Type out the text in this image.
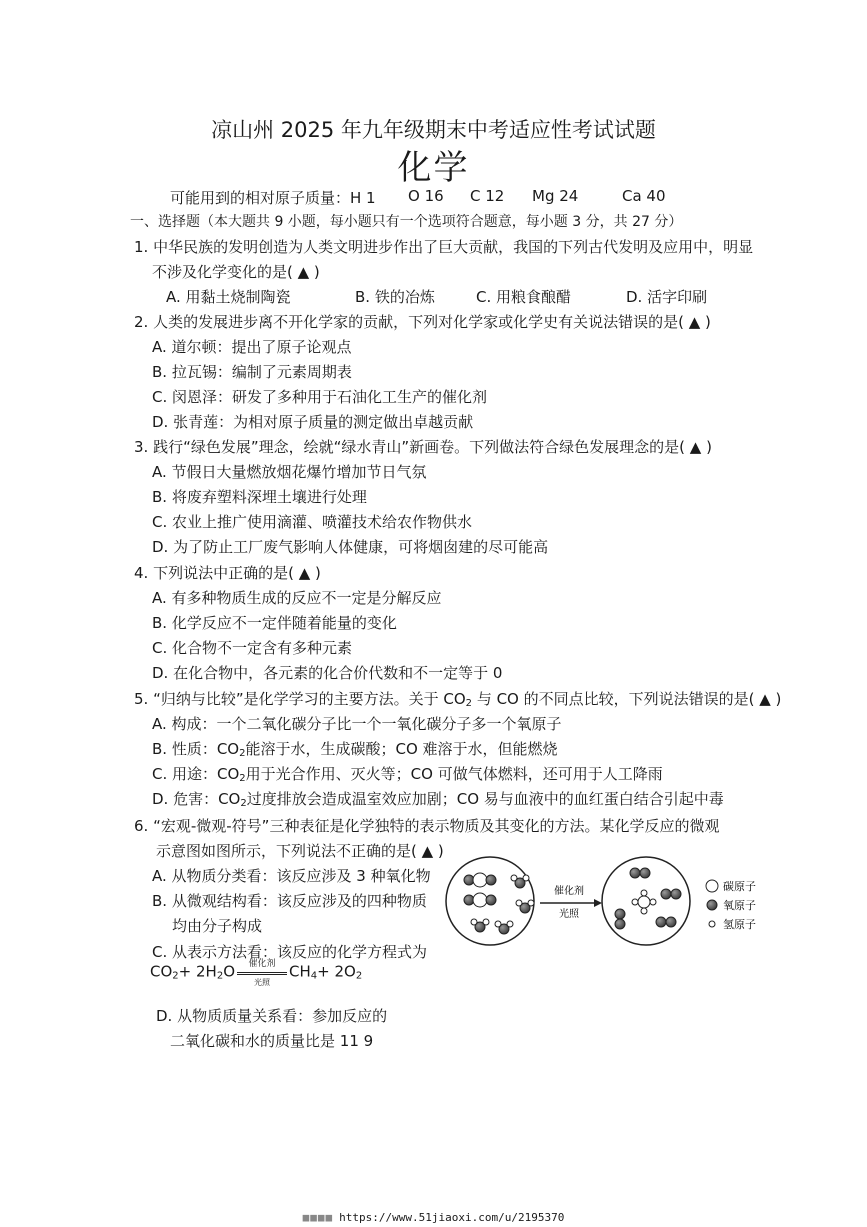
凉山州 2025 年九年级期末中考适应性考试试题
化学
可能用到的相对原子质量：H 1 O 16 C 12 Mg 24	Ca 40
一、选择题（本大题共 9 小题，每小题只有一个选项符合题意，每小题 3 分，共 27 分）
1. 中华民族的发明创造为人类文明进步作出了巨大贡献，我国的下列古代发明及应用中，明显
不涉及化学变化的是( ▲ )
A. 用黏土烧制陶瓷	B. 铁的冶炼	C. 用粮食酿醋	D. 活字印刷
2. 人类的发展进步离不开化学家的贡献，下列对化学家或化学史有关说法错误的是( ▲ )
A. 道尔顿：提出了原子论观点
B. 拉瓦锡：编制了元素周期表
C. 闵恩泽：研发了多种用于石油化工生产的催化剂
D. 张青莲：为相对原子质量的测定做出卓越贡献
3. 践行“绿色发展”理念，绘就“绿水青山”新画卷。下列做法符合绿色发展理念的是( ▲ )
A. 节假日大量燃放烟花爆竹增加节日气氛
B. 将废弃塑料深埋土壤进行处理
C. 农业上推广使用滴灌、喷灌技术给农作物供水
D. 为了防止工厂废气影响人体健康，可将烟囱建的尽可能高
4. 下列说法中正确的是( ▲ )
A. 有多种物质生成的反应不一定是分解反应
B. 化学反应不一定伴随着能量的变化
C. 化合物不一定含有多种元素
D. 在化合物中，各元素的化合价代数和不一定等于 0
5. “归纳与比较”是化学学习的主要方法。关于 $CO_2$ 与 CO 的不同点比较，下列说法错误的是( ▲ )
A. 构成：一个二氧化碳分子比一个一氧化碳分子多一个氧原子
B. 性质：$CO_2$能溶于水，生成碳酸；CO 难溶于水，但能燃烧
C. 用途：$CO_2$用于光合作用、灭火等；CO 可做气体燃料，还可用于人工降雨
D. 危害：$CO_2$过度排放会造成温室效应加剧；CO 易与血液中的血红蛋白结合引起中毒
6. “宏观-微观-符号”三种表征是化学独特的表示物质及其变化的方法。某化学反应的微观
示意图如图所示，下列说法不正确的是( ▲ )
A. 从物质分类看：该反应涉及 3 种氧化物
B. 从微观结构看：该反应涉及的四种物质
均由分子构成
C. 从表示方法看：该反应的化学方程式为
$CO_2+ 2H_2O$	催化剂
光照
$CH_4+ 2O_2$
D. 从物质质量关系看：参加反应的
二氧化碳和水的质量比是 11 9
催化剂
光照
碳原子
氧原子
氢原子
■■■■ https://www.51jiaoxi.com/u/2195370
